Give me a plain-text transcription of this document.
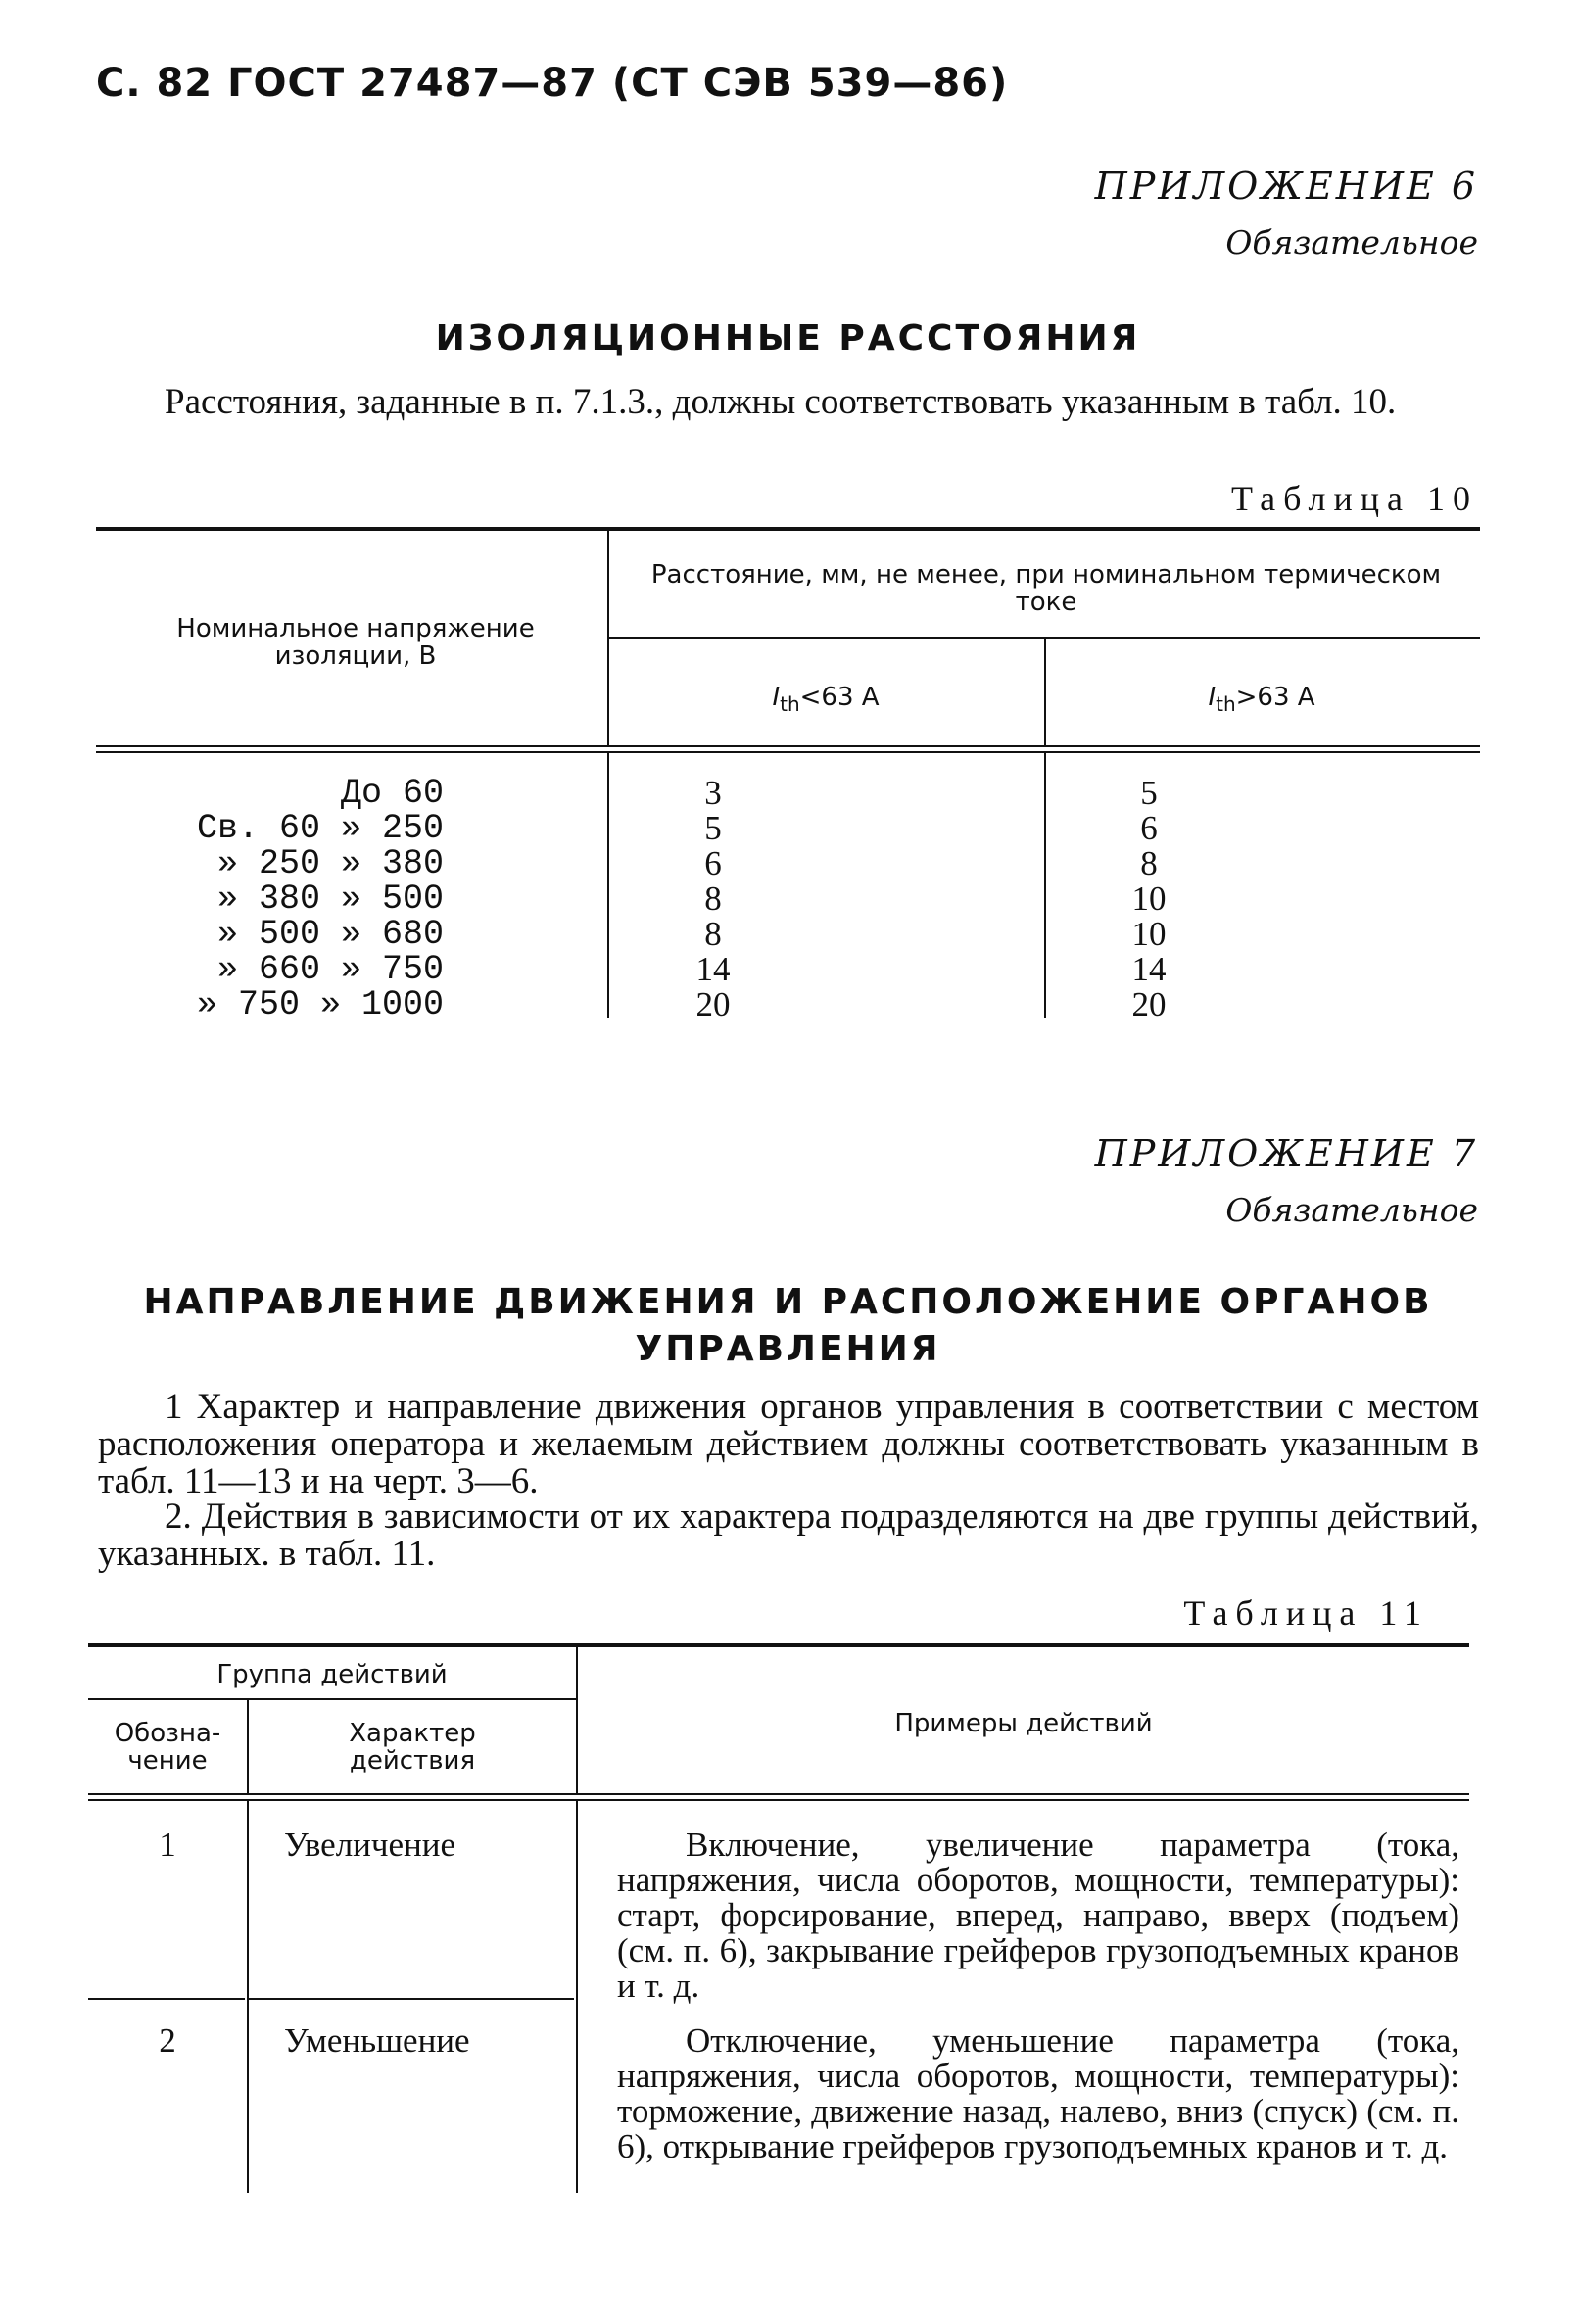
С. 82 ГОСТ 27487—87 (СТ СЭВ 539—86)
ПРИЛОЖЕНИЕ 6
Обязательное
ИЗОЛЯЦИОННЫЕ РАССТОЯНИЯ
Расстояния, заданные в п. 7.1.3., должны соответствовать указанным в табл. 10.
Таблица 10
Номинальное напряжение изоляции, В
Расстояние, мм, не менее, при номинальном термическом токе
$I_{th}<63$ А	$I_{th}>63$ А
До 60	3	5
Св. 60 » 250	5	6
» 250 » 380	6	8
» 380 » 500	8	10
» 500 » 680	8	10
» 660 » 750	14	14
» 750 » 1000	20	20
ПРИЛОЖЕНИЕ 7
Обязательное
НАПРАВЛЕНИЕ ДВИЖЕНИЯ И РАСПОЛОЖЕНИЕ ОРГАНОВ
УПРАВЛЕНИЯ
1 Характер и направление движения органов управления в соответствии с местом расположения оператора и желаемым действием должны соответствовать указанным в табл. 11—13 и на черт. 3—6.
2. Действия в зависимости от их характера подразделяются на две группы действий, указанных. в табл. 11.
Таблица 11
Группа действий
Обозна- чение
Характер действия
Примеры действий
1	Увеличение	Включение, увеличение параметра (тока, напряжения, числа оборотов, мощности, температуры): старт, форсирование, вперед, направо, вверх (подъем) (см. п. 6), закрывание грейферов грузоподъемных кранов и т. д.
2	Уменьшение	Отключение, уменьшение параметра (тока, напряжения, числа оборотов, мощности, температуры): торможение, движение назад, налево, вниз (спуск) (см. п. 6), открывание грейферов грузоподъемных кранов и т. д.
